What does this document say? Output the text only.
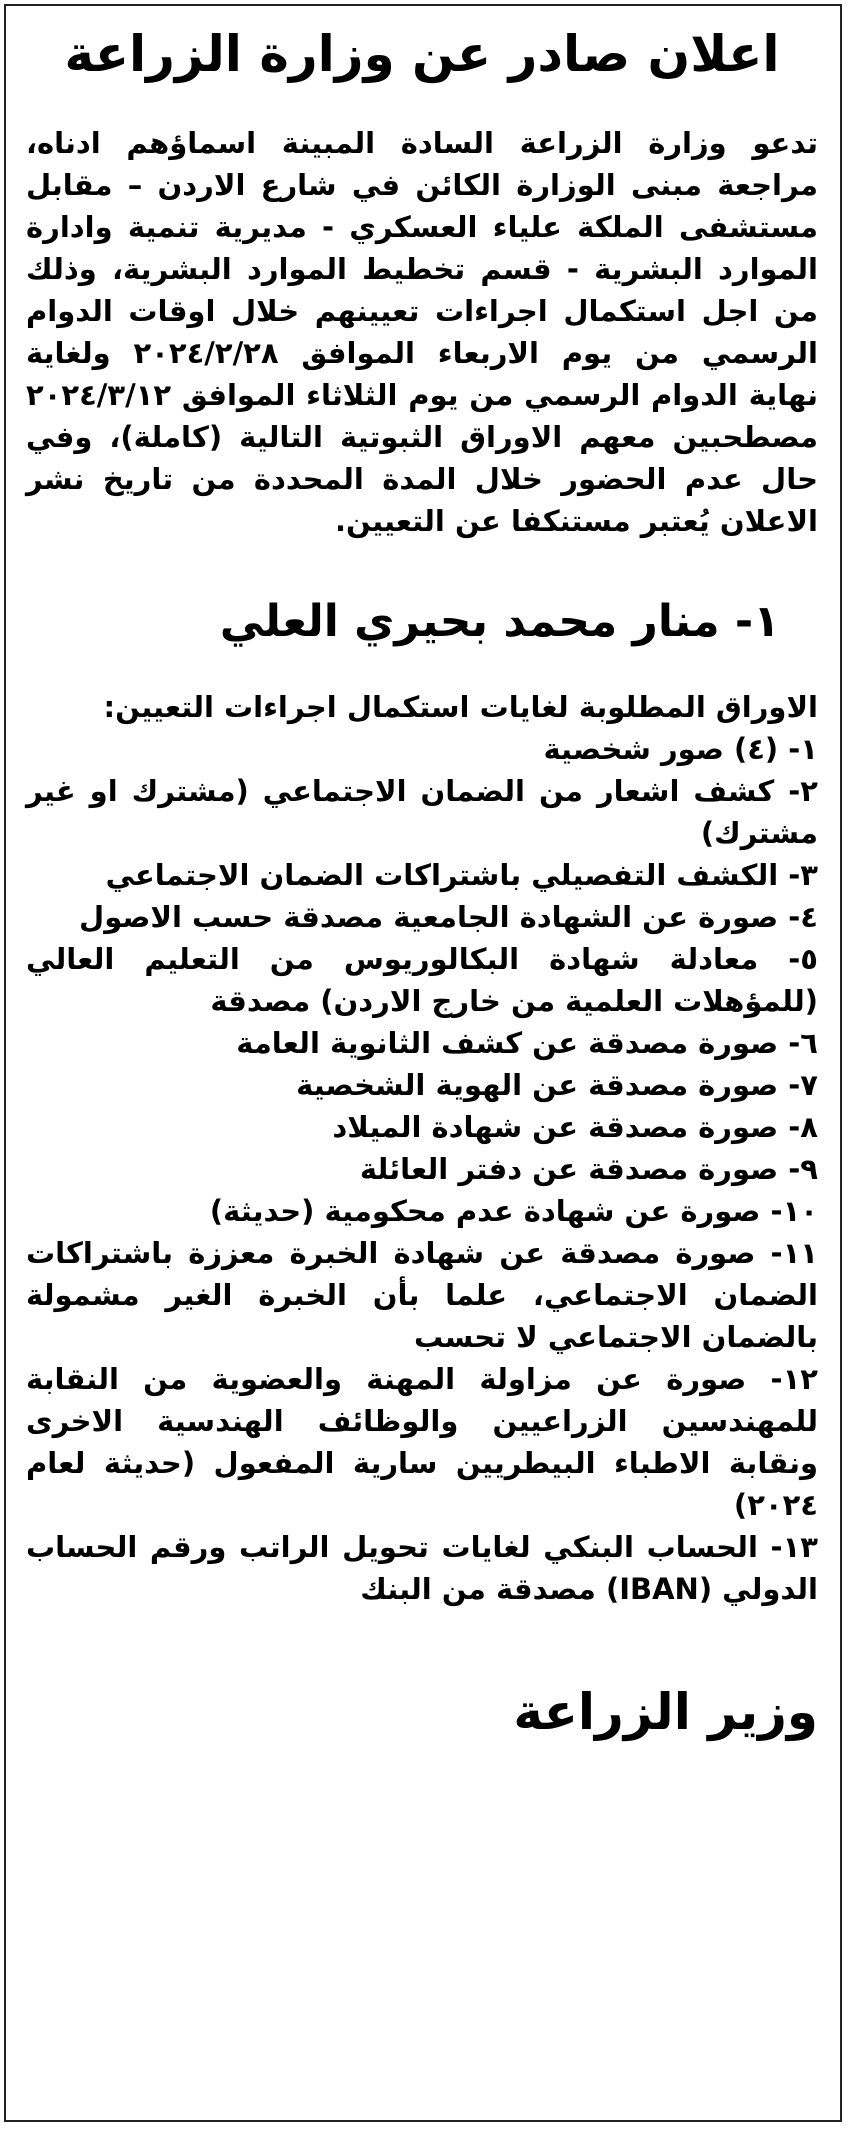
اعلان صادر عن وزارة الزراعة

تدعو وزارة الزراعة السادة المبينة اسماؤهم ادناه، مراجعة مبنى الوزارة الكائن في شارع الاردن – مقابل مستشفى الملكة علياء العسكري - مديرية تنمية وادارة الموارد البشرية - قسم تخطيط الموارد البشرية، وذلك من اجل استكمال اجراءات تعيينهم خلال اوقات الدوام الرسمي من يوم الاربعاء الموافق ٢٠٢٤/٢/٢٨ ولغاية نهاية الدوام الرسمي من يوم الثلاثاء الموافق ٢٠٢٤/٣/١٢ مصطحبين معهم الاوراق الثبوتية التالية (كاملة)، وفي حال عدم الحضور خلال المدة المحددة من تاريخ نشر الاعلان يُعتبر مستنكفا عن التعيين.

١- منار محمد بحيري العلي

الاوراق المطلوبة لغايات استكمال اجراءات التعيين:

١- (٤) صور شخصية
٢- كشف اشعار من الضمان الاجتماعي (مشترك او غير مشترك)
٣- الكشف التفصيلي باشتراكات الضمان الاجتماعي
٤- صورة عن الشهادة الجامعية مصدقة حسب الاصول
٥- معادلة شهادة البكالوريوس من التعليم العالي (للمؤهلات العلمية من خارج الاردن) مصدقة
٦- صورة مصدقة عن كشف الثانوية العامة
٧- صورة مصدقة عن الهوية الشخصية
٨- صورة مصدقة عن شهادة الميلاد
٩- صورة مصدقة عن دفتر العائلة
١٠- صورة عن شهادة عدم محكومية (حديثة)
١١- صورة مصدقة عن شهادة الخبرة معززة باشتراكات الضمان الاجتماعي، علما بأن الخبرة الغير مشمولة بالضمان الاجتماعي لا تحسب
١٢- صورة عن مزاولة المهنة والعضوية من النقابة للمهندسين الزراعيين والوظائف الهندسية الاخرى ونقابة الاطباء البيطريين سارية المفعول (حديثة لعام ٢٠٢٤)
١٣- الحساب البنكي لغايات تحويل الراتب ورقم الحساب الدولي (IBAN) مصدقة من البنك
وزير الزراعة
